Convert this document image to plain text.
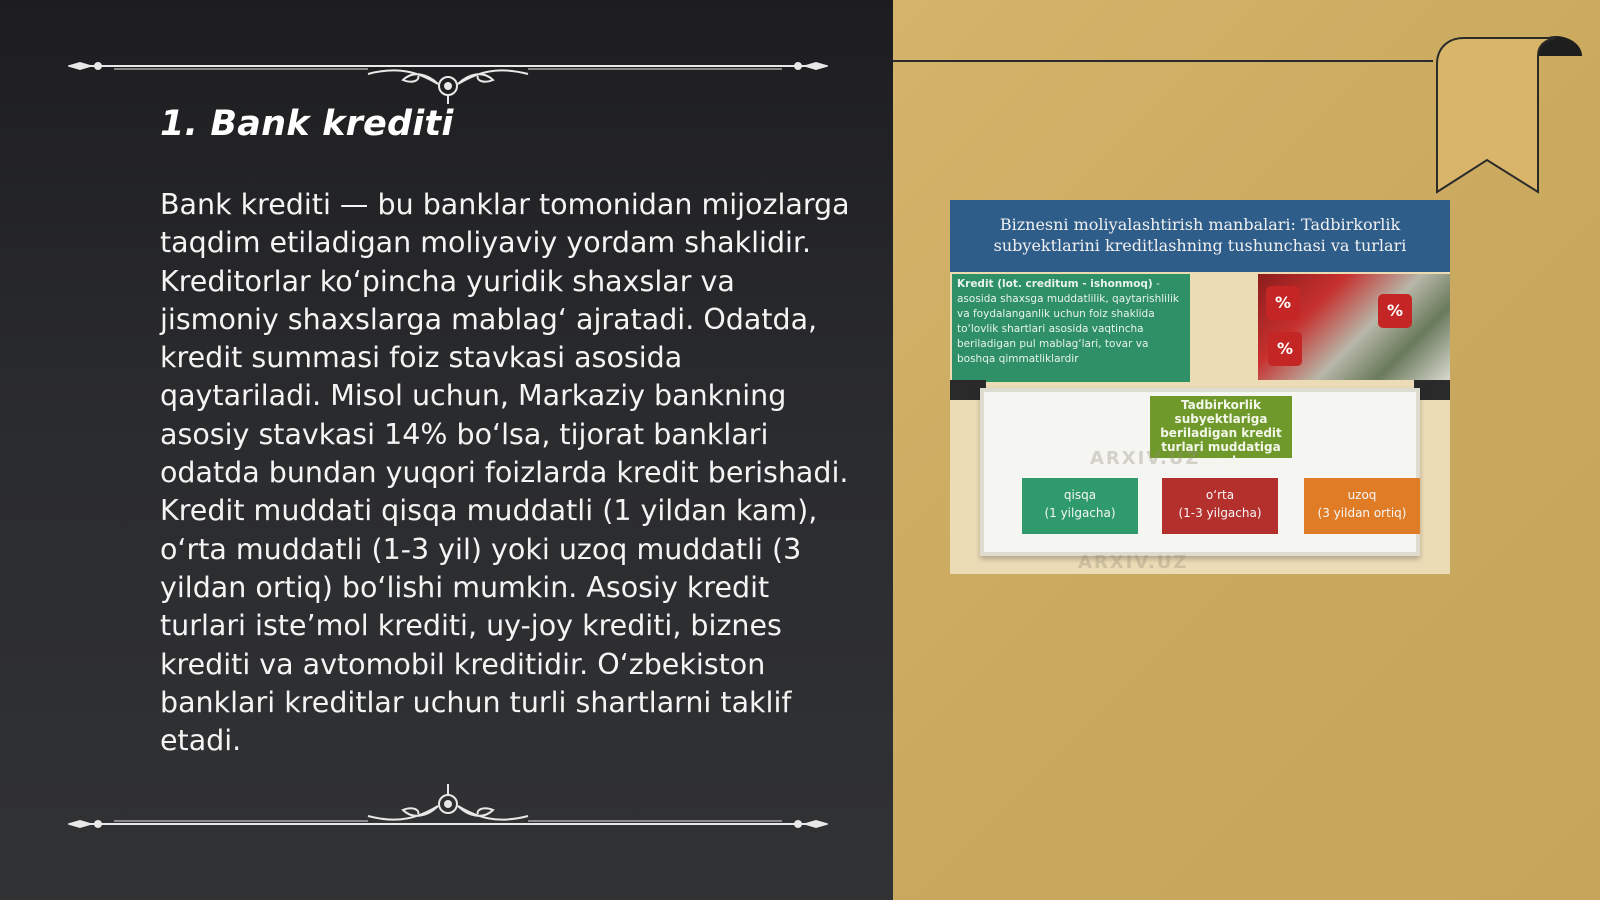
1. Bank krediti
Bank krediti — bu banklar tomonidan mijozlarga taqdim etiladigan moliyaviy yordam shaklidir. Kreditorlar ko‘pincha yuridik shaxslar va jismoniy shaxslarga mablag‘ ajratadi. Odatda, kredit summasi foiz stavkasi asosida qaytariladi. Misol uchun, Markaziy bankning asosiy stavkasi 14% bo‘lsa, tijorat banklari odatda bundan yuqori foizlarda kredit berishadi. Kredit muddati qisqa muddatli (1 yildan kam), o‘rta muddatli (1-3 yil) yoki uzoq muddatli (3 yildan ortiq) bo‘lishi mumkin. Asosiy kredit turlari iste’mol krediti, uy-joy krediti, biznes krediti va avtomobil kreditidir. O‘zbekiston banklari kreditlar uchun turli shartlarni taklif etadi.
Biznesni moliyalashtirish manbalari: Tadbirkorlik
subyektlarini kreditlashning tushunchasi va turlari
Kredit (lot. creditum - ishonmoq) - asosida shaxsga muddatlilik, qaytarishlilik va foydalanganlik uchun foiz shaklida to‘lovlik shartlari asosida vaqtincha beriladigan pul mablag‘lari, tovar va boshqa qimmatliklardir
%
%
%
Tadbirkorlik subyektlariga beriladigan kredit turlari muddatiga qarab
ARXIV.UZ
qisqa
(1 yilgacha)
o‘rta
(1-3 yilgacha)
uzoq
(3 yildan ortiq)
ARXIV.UZ
